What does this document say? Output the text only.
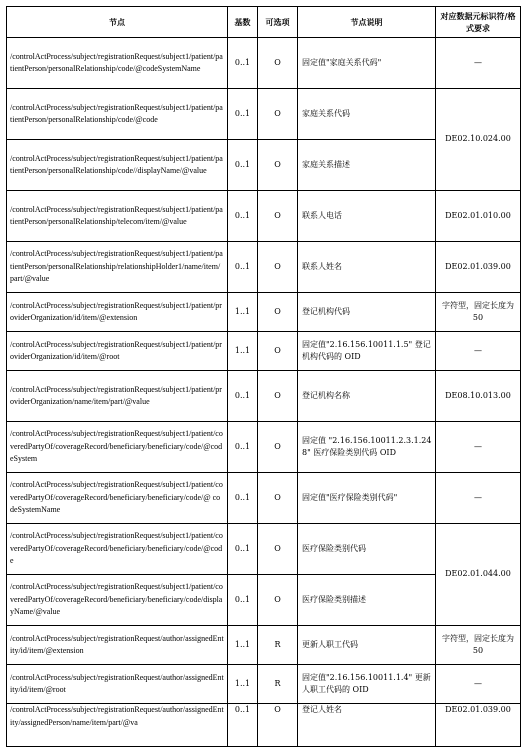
节点	基数	可选项	节点说明	对应数据元标识符/格式要求
/controlActProcess/subject/registrationRequest/subject1/patient/patientPerson/personalRelationship/code/@codeSystemName	0..1	O	固定值"家庭关系代码"	—
/controlActProcess/subject/registrationRequest/subject1/patient/patientPerson/personalRelationship/code/@code	0..1	O	家庭关系代码	DE02.10.024.00
/controlActProcess/subject/registrationRequest/subject1/patient/patientPerson/personalRelationship/code//displayName/@value	0..1	O	家庭关系描述	
/controlActProcess/subject/registrationRequest/subject1/patient/patientPerson/personalRelationship/telecom/item/@value	0..1	O	联系人电话	DE02.01.010.00
/controlActProcess/subject/registrationRequest/subject1/patient/patientPerson/personalRelationship/relationshipHolder1/name/item/part/@value	0..1	O	联系人姓名	DE02.01.039.00
/controlActProcess/subject/registrationRequest/subject1/patient/providerOrganization/id/item/@extension	1..1	O	登记机构代码	字符型，固定长度为 50
/controlActProcess/subject/registrationRequest/subject1/patient/providerOrganization/id/item/@root	1..1	O	固定值"2.16.156.10011.1.5" 登记机构代码的 OID	—
/controlActProcess/subject/registrationRequest/subject1/patient/providerOrganization/name/item/part/@value	0..1	O	登记机构名称	DE08.10.013.00
/controlActProcess/subject/registrationRequest/subject1/patient/coveredPartyOf/coverageRecord/beneficiary/beneficiary/code/@codeSystem	0..1	O	固定值 "2.16.156.10011.2.3.1.248" 医疗保险类别代码 OID	—
/controlActProcess/subject/registrationRequest/subject1/patient/coveredPartyOf/coverageRecord/beneficiary/beneficiary/code/@ codeSystemName	0..1	O	固定值"医疗保险类别代码"	—
/controlActProcess/subject/registrationRequest/subject1/patient/coveredPartyOf/coverageRecord/beneficiary/beneficiary/code/@code	0..1	O	医疗保险类别代码	DE02.01.044.00
/controlActProcess/subject/registrationRequest/subject1/patient/coveredPartyOf/coverageRecord/beneficiary/beneficiary/code/displayName/@value	0..1	O	医疗保险类别描述	
/controlActProcess/subject/registrationRequest/author/assignedEntity/id/item/@extension	1..1	R	更新人职工代码	字符型，固定长度为 50
/controlActProcess/subject/registrationRequest/author/assignedEntity/id/item/@root	1..1	R	固定值"2.16.156.10011.1.4" 更新人职工代码的 OID	—
/controlActProcess/subject/registrationRequest/author/assignedEntity/assignedPerson/name/item/part/@va	0..1	O	登记人姓名	DE02.01.039.00
